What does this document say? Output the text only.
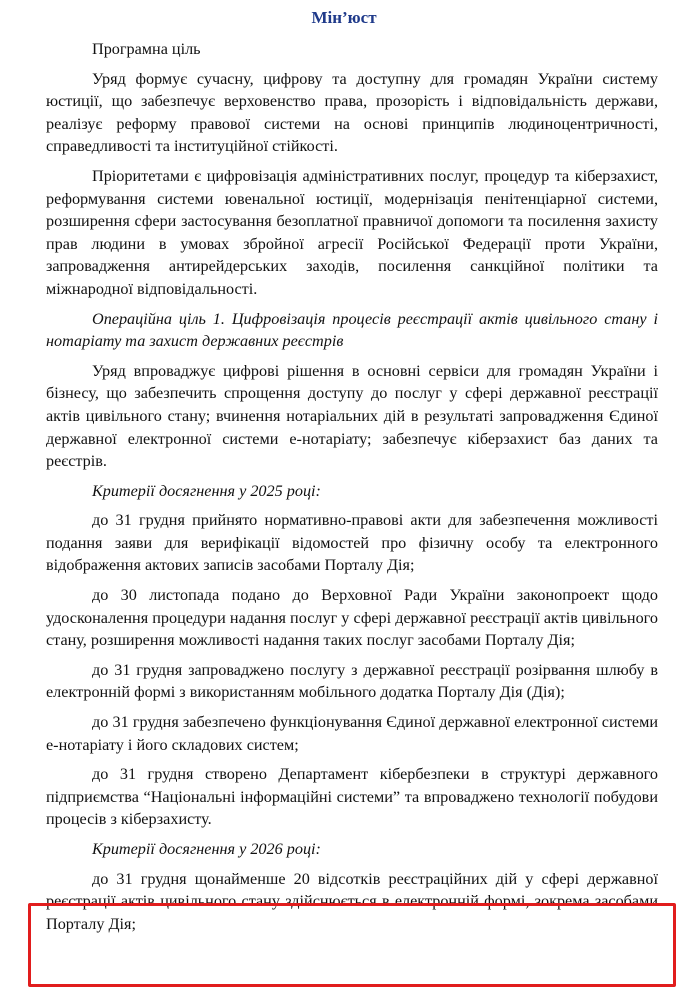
Мін’юст

Програмна ціль

Уряд формує сучасну, цифрову та доступну для громадян України систему юстиції, що забезпечує верховенство права, прозорість і відповідальність держави, реалізує реформу правової системи на основі принципів людиноцентричності, справедливості та інституційної стійкості.

Пріоритетами є цифровізація адміністративних послуг, процедур та кіберзахист, реформування системи ювенальної юстиції, модернізація пенітенціарної системи, розширення сфери застосування безоплатної правничої допомоги та посилення захисту прав людини в умовах збройної агресії Російської Федерації проти України, запровадження антирейдерських заходів, посилення санкційної політики та міжнародної відповідальності.

Операційна ціль 1. Цифровізація процесів реєстрації актів цивільного стану і нотаріату та захист державних реєстрів

Уряд впроваджує цифрові рішення в основні сервіси для громадян України і бізнесу, що забезпечить спрощення доступу до послуг у сфері державної реєстрації актів цивільного стану; вчинення нотаріальних дій в результаті запровадження Єдиної державної електронної системи е-нотаріату; забезпечує кіберзахист баз даних та реєстрів.

Критерії досягнення у 2025 році:

до 31 грудня прийнято нормативно-правові акти для забезпечення можливості подання заяви для верифікації відомостей про фізичну особу та електронного відображення актових записів засобами Порталу Дія;

до 30 листопада подано до Верховної Ради України законопроект щодо удосконалення процедури надання послуг у сфері державної реєстрації актів цивільного стану, розширення можливості надання таких послуг засобами Порталу Дія;

до 31 грудня запроваджено послугу з державної реєстрації розірвання шлюбу в електронній формі з використанням мобільного додатка Порталу Дія (Дія);

до 31 грудня забезпечено функціонування Єдиної державної електронної системи е-нотаріату і його складових систем;

до 31 грудня створено Департамент кібербезпеки в структурі державного підприємства “Національні інформаційні системи” та впроваджено технології побудови процесів з кіберзахисту.

Критерії досягнення у 2026 році:

до 31 грудня щонайменше 20 відсотків реєстраційних дій у сфері державної реєстрації актів цивільного стану здійснюється в електронній формі, зокрема засобами Порталу Дія;
